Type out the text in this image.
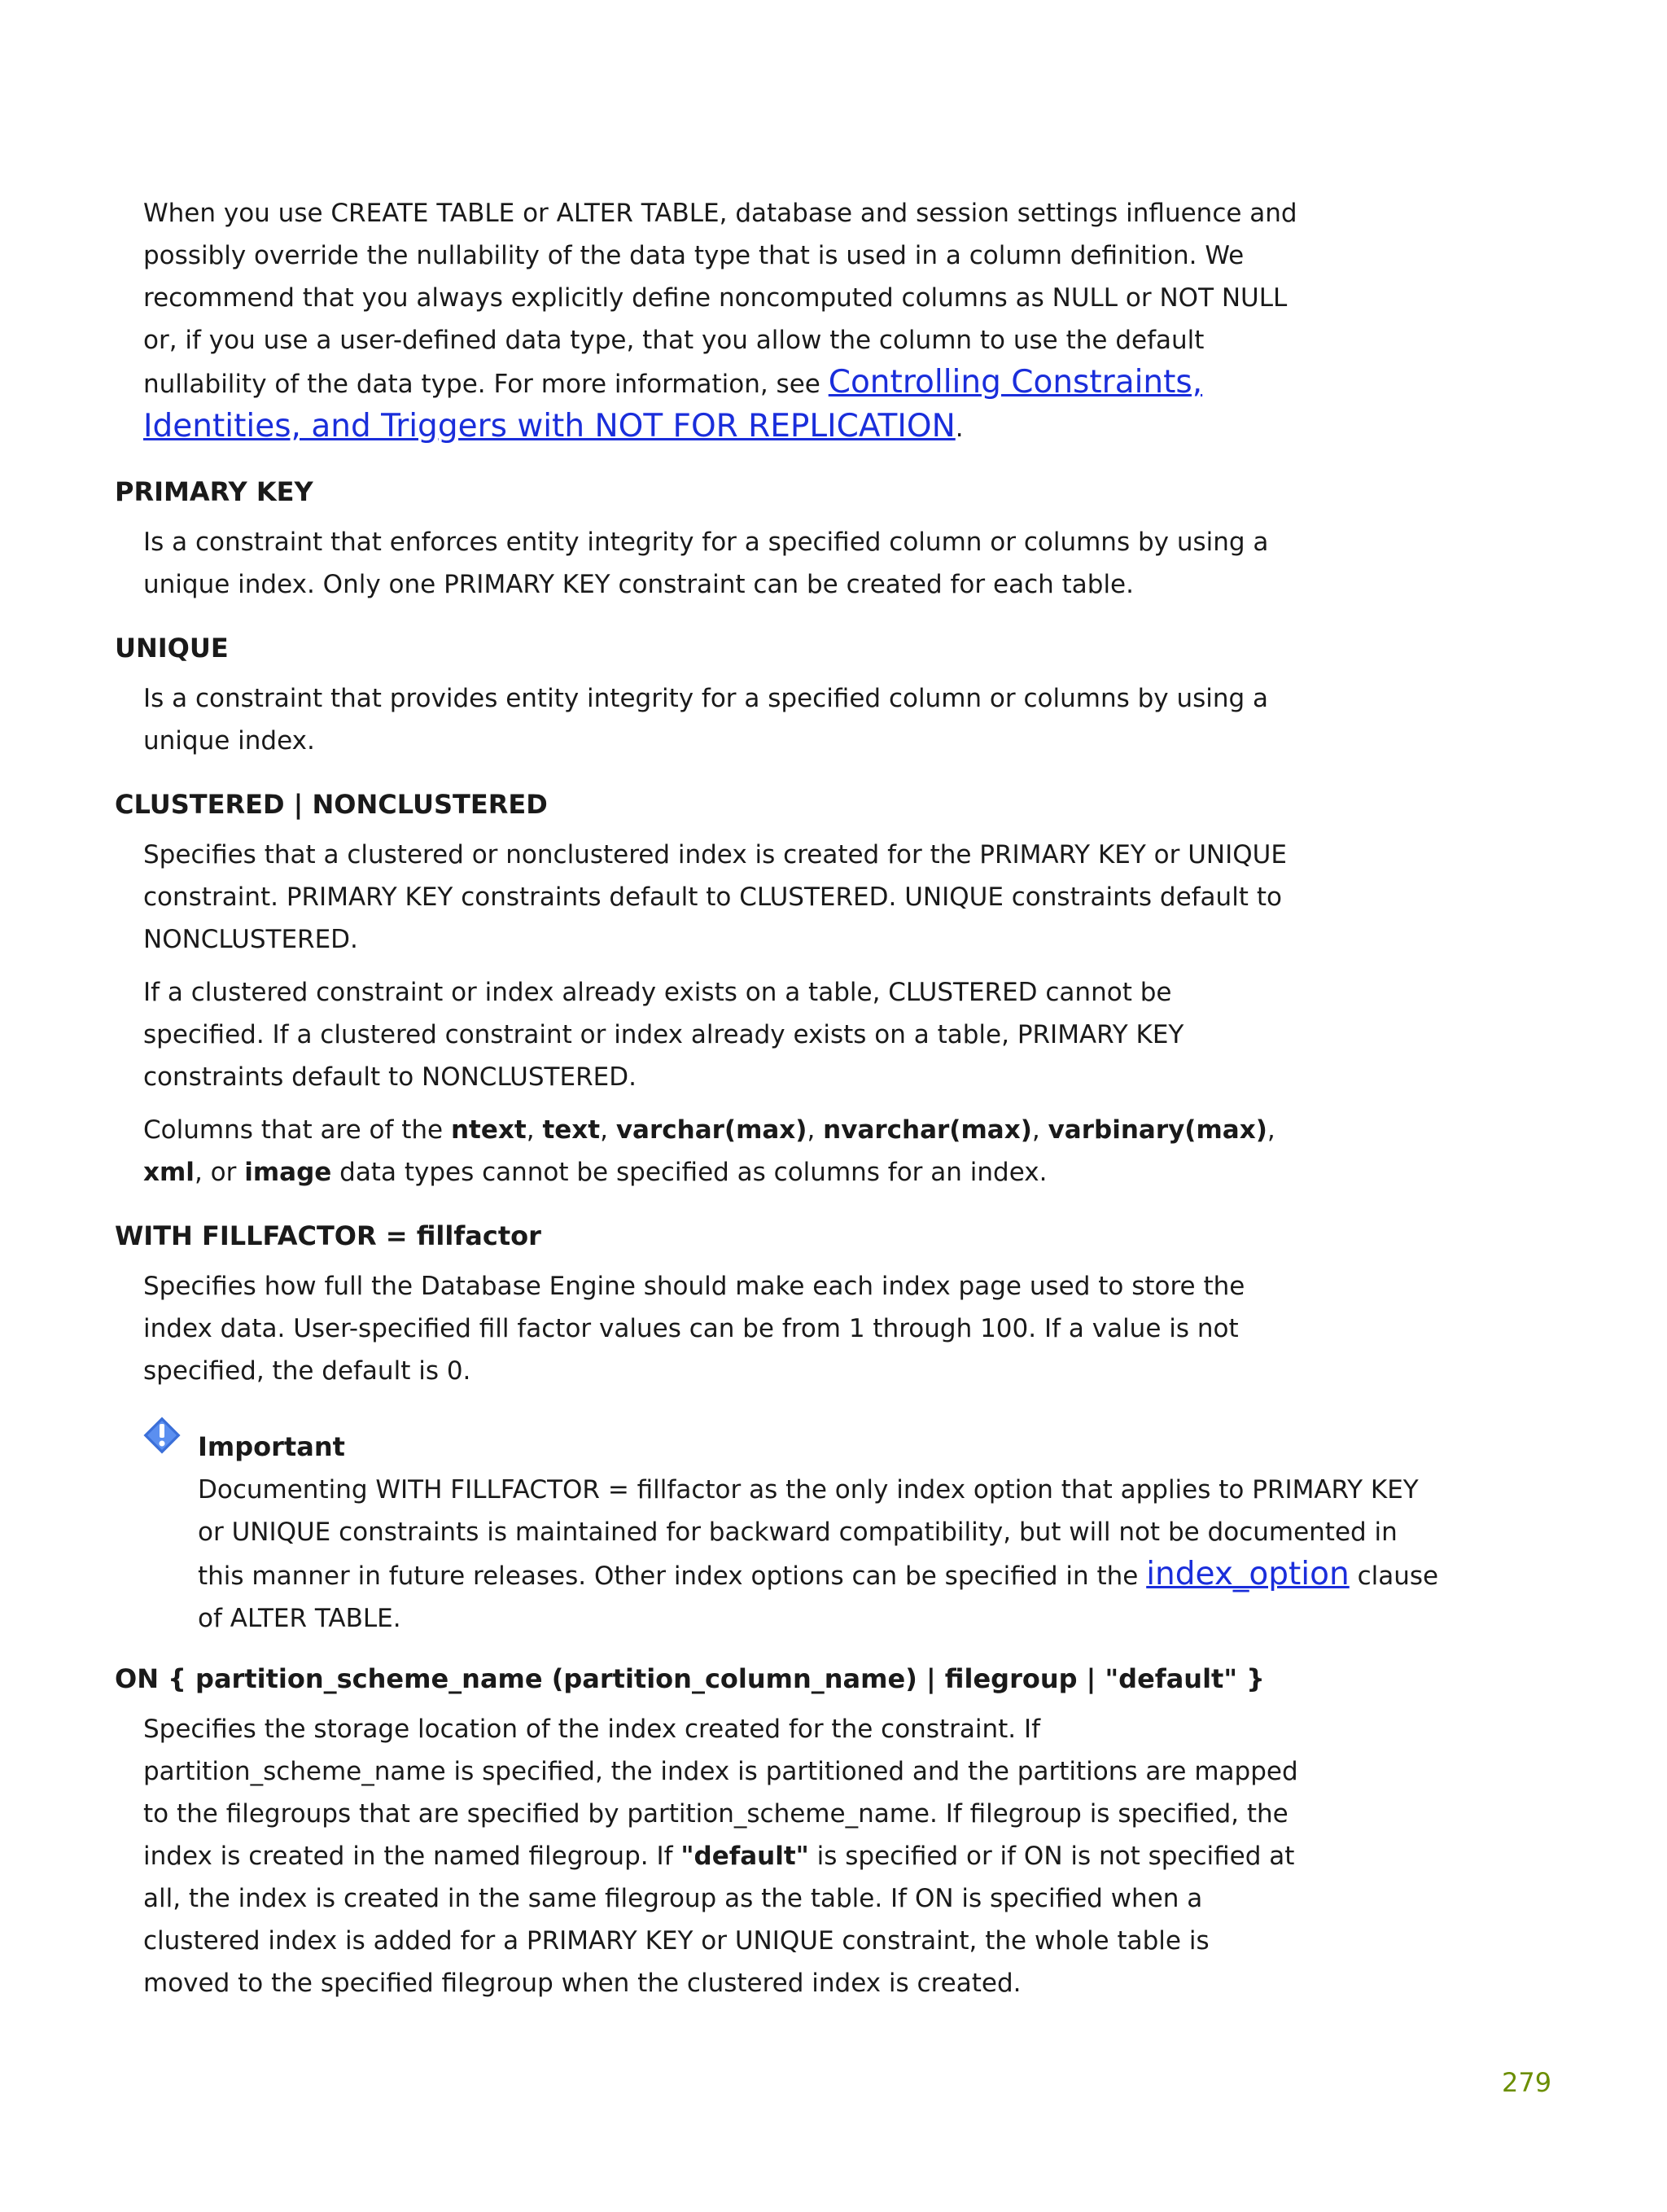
When you use CREATE TABLE or ALTER TABLE, database and session settings influence and possibly override the nullability of the data type that is used in a column definition. We recommend that you always explicitly define noncomputed columns as NULL or NOT NULL or, if you use a user-defined data type, that you allow the column to use the default nullability of the data type. For more information, see Controlling Constraints, Identities, and Triggers with NOT FOR REPLICATION.

PRIMARY KEY

Is a constraint that enforces entity integrity for a specified column or columns by using a unique index. Only one PRIMARY KEY constraint can be created for each table.

UNIQUE

Is a constraint that provides entity integrity for a specified column or columns by using a unique index.

CLUSTERED | NONCLUSTERED

Specifies that a clustered or nonclustered index is created for the PRIMARY KEY or UNIQUE constraint. PRIMARY KEY constraints default to CLUSTERED. UNIQUE constraints default to NONCLUSTERED.

If a clustered constraint or index already exists on a table, CLUSTERED cannot be specified. If a clustered constraint or index already exists on a table, PRIMARY KEY constraints default to NONCLUSTERED.

Columns that are of the ntext, text, varchar(max), nvarchar(max), varbinary(max), xml, or image data types cannot be specified as columns for an index.

WITH FILLFACTOR = fillfactor

Specifies how full the Database Engine should make each index page used to store the index data. User-specified fill factor values can be from 1 through 100. If a value is not specified, the default is 0.

Important

Documenting WITH FILLFACTOR = fillfactor as the only index option that applies to PRIMARY KEY or UNIQUE constraints is maintained for backward compatibility, but will not be documented in this manner in future releases. Other index options can be specified in the index_option clause of ALTER TABLE.

ON { partition_scheme_name (partition_column_name) | filegroup | "default" }

Specifies the storage location of the index created for the constraint. If partition_scheme_name is specified, the index is partitioned and the partitions are mapped to the filegroups that are specified by partition_scheme_name. If filegroup is specified, the index is created in the named filegroup. If "default" is specified or if ON is not specified at all, the index is created in the same filegroup as the table. If ON is specified when a clustered index is added for a PRIMARY KEY or UNIQUE constraint, the whole table is moved to the specified filegroup when the clustered index is created.

279
